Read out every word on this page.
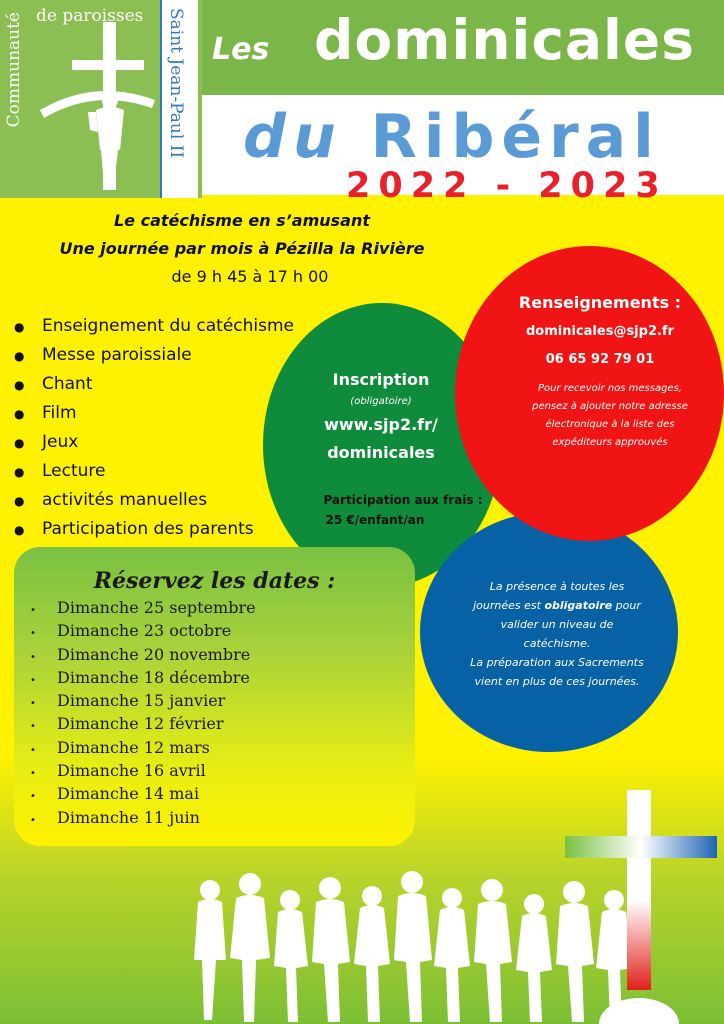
Communauté de paroisses Saint Jean-Paul II Les dominicales
du Ribéral
2022 - 2023
Le catéchisme en s’amusant
Une journée par mois à Pézilla la Rivière
de 9 h 45 à 17 h 00
● Enseignement du catéchisme
● Messe paroissiale
● Chant
● Film
● Jeux
● Lecture
● activités manuelles
● Participation des parents
Inscription
(obligatoire)
www.sjp2.fr/
dominicales
Participation aux frais :
25 €/enfant/an
Renseignements :
dominicales@sjp2.fr
06 65 92 79 01
Pour recevoir nos messages, pensez à ajouter notre adresse électronique à la liste des expéditeurs approuvés
La présence à toutes les journées est obligatoire pour valider un niveau de catéchisme.
La préparation aux Sacrements vient en plus de ces journées.
Réservez les dates :
• Dimanche 25 septembre
• Dimanche 23 octobre
• Dimanche 20 novembre
• Dimanche 18 décembre
• Dimanche 15 janvier
• Dimanche 12 février
• Dimanche 12 mars
• Dimanche 16 avril
• Dimanche 14 mai
• Dimanche 11 juin
